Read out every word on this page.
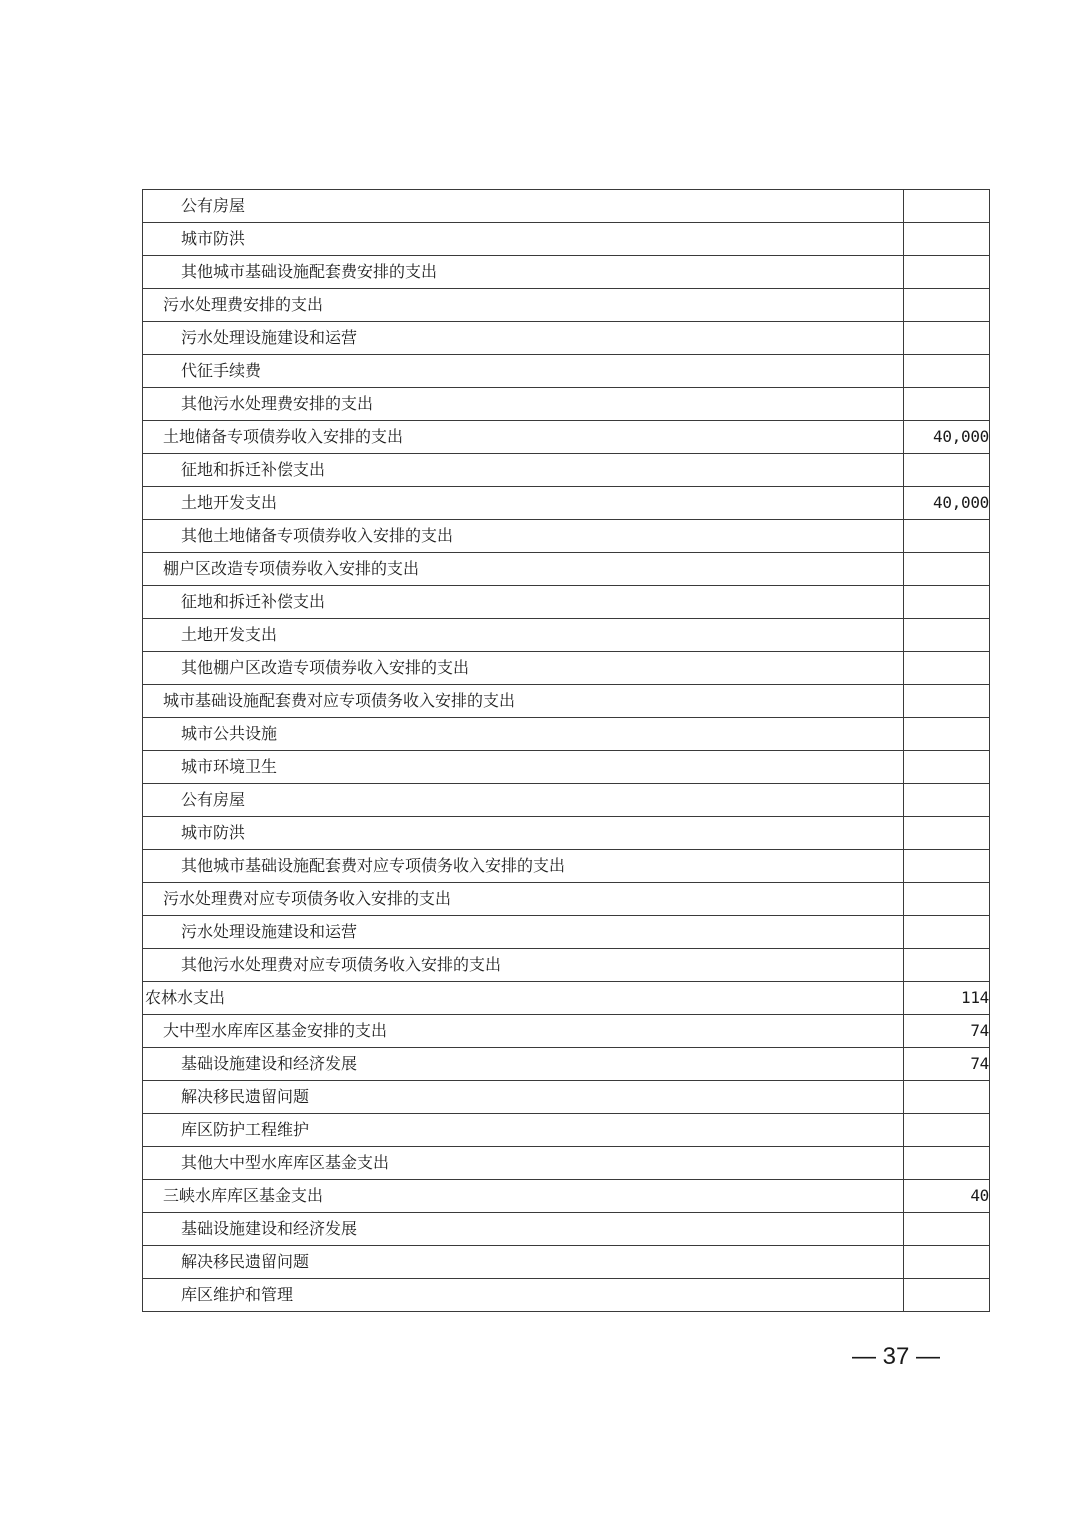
公有房屋	
城市防洪	
其他城市基础设施配套费安排的支出	
污水处理费安排的支出	
污水处理设施建设和运营	
代征手续费	
其他污水处理费安排的支出	
土地储备专项债券收入安排的支出	40,000
征地和拆迁补偿支出	
土地开发支出	40,000
其他土地储备专项债券收入安排的支出	
棚户区改造专项债券收入安排的支出	
征地和拆迁补偿支出	
土地开发支出	
其他棚户区改造专项债券收入安排的支出	
城市基础设施配套费对应专项债务收入安排的支出	
城市公共设施	
城市环境卫生	
公有房屋	
城市防洪	
其他城市基础设施配套费对应专项债务收入安排的支出	
污水处理费对应专项债务收入安排的支出	
污水处理设施建设和运营	
其他污水处理费对应专项债务收入安排的支出	
农林水支出	114
大中型水库库区基金安排的支出	74
基础设施建设和经济发展	74
解决移民遗留问题	
库区防护工程维护	
其他大中型水库库区基金支出	
三峡水库库区基金支出	40
基础设施建设和经济发展	
解决移民遗留问题	
库区维护和管理	
— 37 —
